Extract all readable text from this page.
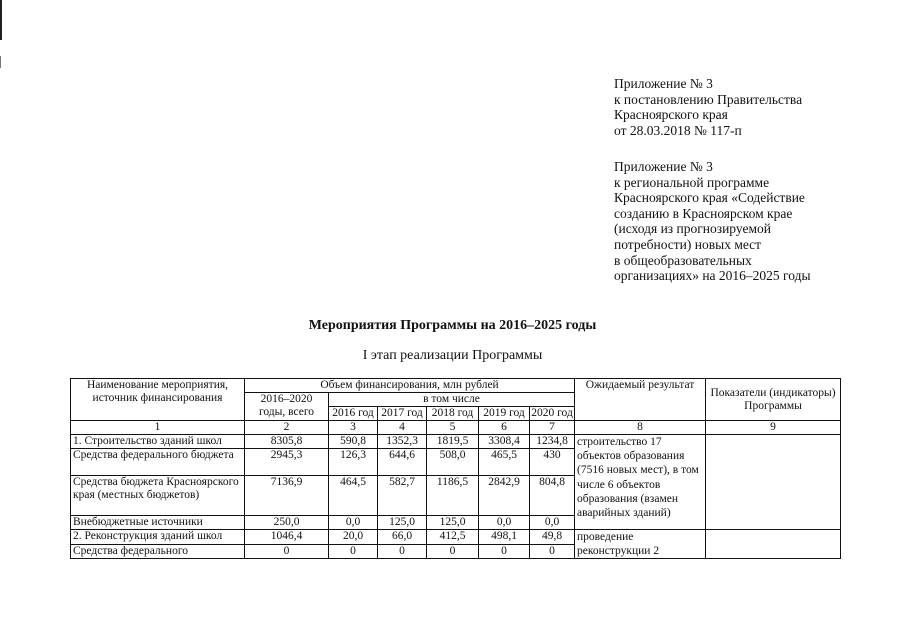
Приложение № 3
к постановлению Правительства
Красноярского края
от 28.03.2018 № 117-п
Приложение № 3
к региональной программе
Красноярского края «Содействие
созданию в Красноярском крае
(исходя из прогнозируемой
потребности) новых мест
в общеобразовательных
организациях» на 2016–2025 годы
Мероприятия Программы на 2016–2025 годы
I этап реализации Программы
Наименование мероприятия, источник финансирования	Объем финансирования, млн рублей						Ожидаемый результат	Показатели (индикаторы) Программы
	2016–2020 годы, всего	в том числе						
		2016 год	2017 год	2018 год	2019 год	2020 год		
1	2	3	4	5	6	7	8	9
1. Строительство зданий школ	8305,8	590,8	1352,3	1819,5	3308,4	1234,8	строительство 17 объектов образования (7516 новых мест), в том числе 6 объектов образования (взамен аварийных зданий)	
Средства федерального бюджета	2945,3	126,3	644,6	508,0	465,5	430		
Средства бюджета Красноярского края (местных бюджетов)	7136,9	464,5	582,7	1186,5	2842,9	804,8		
Внебюджетные источники	250,0	0,0	125,0	125,0	0,0	0,0		
2. Реконструкция зданий школ	1046,4	20,0	66,0	412,5	498,1	49,8	проведение реконструкции 2	
Средства федерального	0	0	0	0	0	0		
